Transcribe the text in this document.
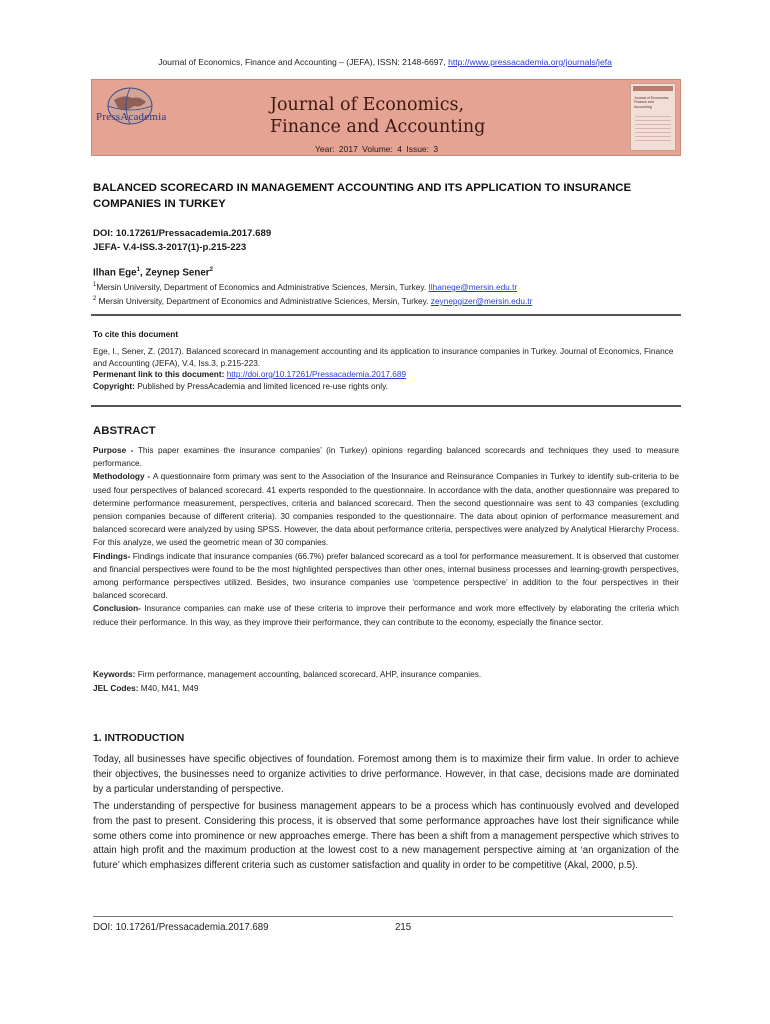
Journal of Economics, Finance and Accounting – (JEFA), ISSN: 2148-6697, http://www.pressacademia.org/journals/jefa
PressAcademia
Journal of Economics,
Finance and Accounting
Year: 2017 Volume: 4 Issue: 3
Journal of Economics, Finance and Accounting
BALANCED SCORECARD IN MANAGEMENT ACCOUNTING AND ITS APPLICATION TO INSURANCE COMPANIES IN TURKEY
DOI: 10.17261/Pressacademia.2017.689
JEFA- V.4-ISS.3-2017(1)-p.215-223
Ilhan Ege$^1$, Zeynep Sener$^2$
$^1$Mersin University, Department of Economics and Administrative Sciences, Mersin, Turkey. Ilhanege@mersin.edu.tr
$^2$ Mersin University, Department of Economics and Administrative Sciences, Mersin, Turkey. zeynepgizer@mersin.edu.tr
To cite this document
Ege, I., Sener, Z. (2017). Balanced scorecard in management accounting and its application to insurance companies in Turkey. Journal of Economics, Finance and Accounting (JEFA), V.4, Iss.3, p.215-223.
Permenant link to this document: http://doi.org/10.17261/Pressacademia.2017.689
Copyright: Published by PressAcademia and limited licenced re-use rights only.
ABSTRACT

Purpose - This paper examines the insurance companies’ (in Turkey) opinions regarding balanced scorecards and techniques they used to measure performance.

Methodology - A questionnaire form primary was sent to the Association of the Insurance and Reinsurance Companies in Turkey to identify sub-criteria to be used four perspectives of balanced scorecard. 41 experts responded to the questionnaire. In accordance with the data, another questionnaire was prepared to determine performance measurement, perspectives, criteria and balanced scorecard. Then the second questionnaire was sent to 43 companies (excluding pension companies because of different criteria). 30 companies responded to the questionnaire. The data about opinion of performance measurement and balanced scorecard were analyzed by using SPSS. However, the data about performance criteria, perspectives were analyzed by Analytical Hierarchy Process. For this analyze, we used the geometric mean of 30 companies.

Findings- Findings indicate that insurance companies (66.7%) prefer balanced scorecard as a tool for performance measurement. It is observed that customer and financial perspectives were found to be the most highlighted perspectives than other ones, internal business processes and learning-growth perspectives, among performance perspectives utilized. Besides, two insurance companies use ‘competence perspective’ in addition to the four perspectives in their balanced scorecard.

Conclusion- Insurance companies can make use of these criteria to improve their performance and work more effectively by elaborating the criteria which reduce their performance. In this way, as they improve their performance, they can contribute to the economy, especially the finance sector.

Keywords: Firm performance, management accounting, balanced scorecard, AHP, insurance companies.
JEL Codes: M40, M41, M49
1. INTRODUCTION
Today, all businesses have specific objectives of foundation. Foremost among them is to maximize their firm value. In order to achieve their objectives, the businesses need to organize activities to drive performance. However, in that case, decisions made are dominated by a particular understanding of perspective.
The understanding of perspective for business management appears to be a process which has continuously evolved and developed from the past to present. Considering this process, it is observed that some performance approaches have lost their significance while some others come into prominence or new approaches emerge. There has been a shift from a management perspective which strives to attain high profit and the maximum production at the lowest cost to a new management perspective aiming at ‘an organization of the future’ which emphasizes different criteria such as customer satisfaction and quality in order to be competitive (Akal, 2000, p.5).
DOI: 10.17261/Pressacademia.2017.689	215
